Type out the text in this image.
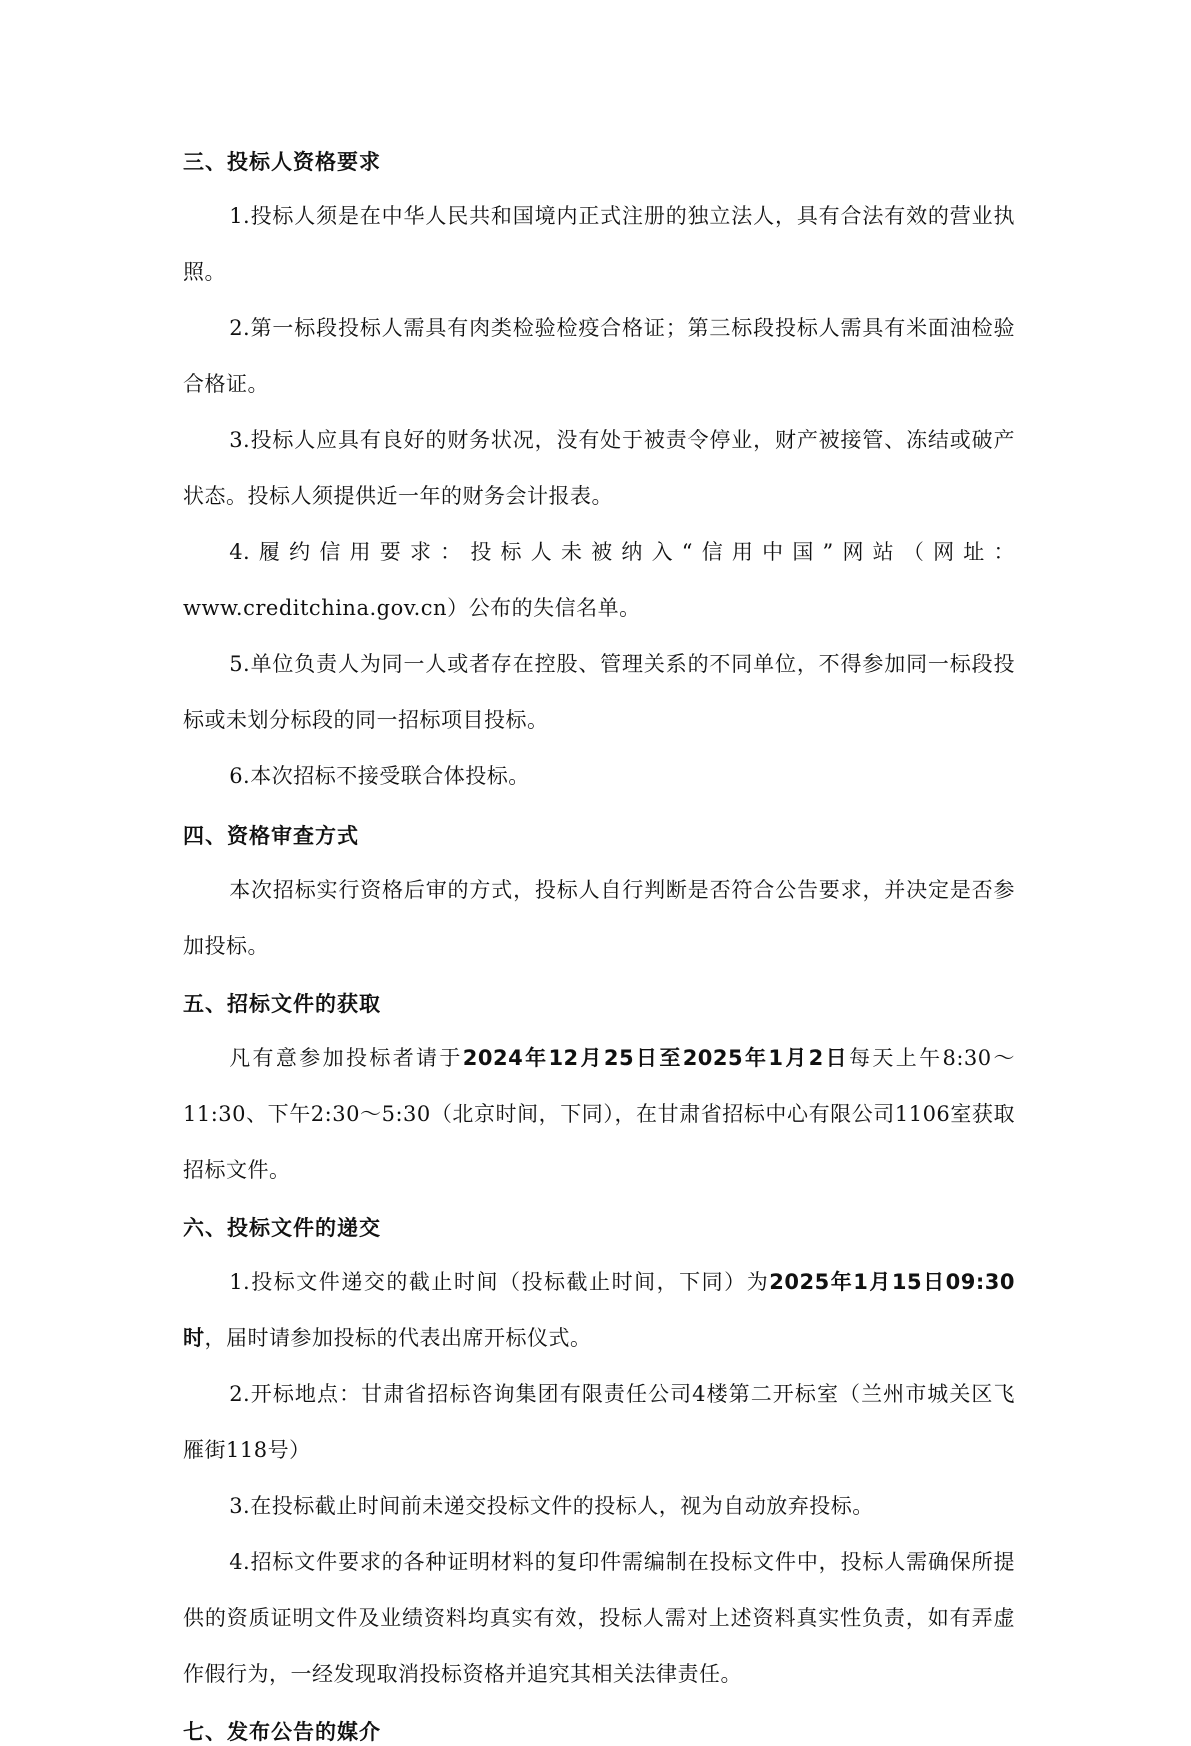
三、投标人资格要求

1.投标人须是在中华人民共和国境内正式注册的独立法人，具有合法有效的营业执照。

2.第一标段投标人需具有肉类检验检疫合格证；第三标段投标人需具有米面油检验合格证。

3.投标人应具有良好的财务状况，没有处于被责令停业，财产被接管、冻结或破产状态。投标人须提供近一年的财务会计报表。

4.履约信用要求：投标人未被纳入“信用中国”网站（网址：www.creditchina.gov.cn）公布的失信名单。

5.单位负责人为同一人或者存在控股、管理关系的不同单位，不得参加同一标段投标或未划分标段的同一招标项目投标。

6.本次招标不接受联合体投标。

四、资格审查方式

本次招标实行资格后审的方式，投标人自行判断是否符合公告要求，并决定是否参加投标。

五、招标文件的获取

凡有意参加投标者请于2024年12月25日至2025年1月2日每天上午8:30～11:30、下午2:30～5:30（北京时间，下同），在甘肃省招标中心有限公司1106室获取招标文件。

六、投标文件的递交

1.投标文件递交的截止时间（投标截止时间，下同）为2025年1月15日09:30时，届时请参加投标的代表出席开标仪式。

2.开标地点：甘肃省招标咨询集团有限责任公司4楼第二开标室（兰州市城关区飞雁街118号）

3.在投标截止时间前未递交投标文件的投标人，视为自动放弃投标。

4.招标文件要求的各种证明材料的复印件需编制在投标文件中，投标人需确保所提供的资质证明文件及业绩资料均真实有效，投标人需对上述资料真实性负责，如有弄虚作假行为，一经发现取消投标资格并追究其相关法律责任。

七、发布公告的媒介
